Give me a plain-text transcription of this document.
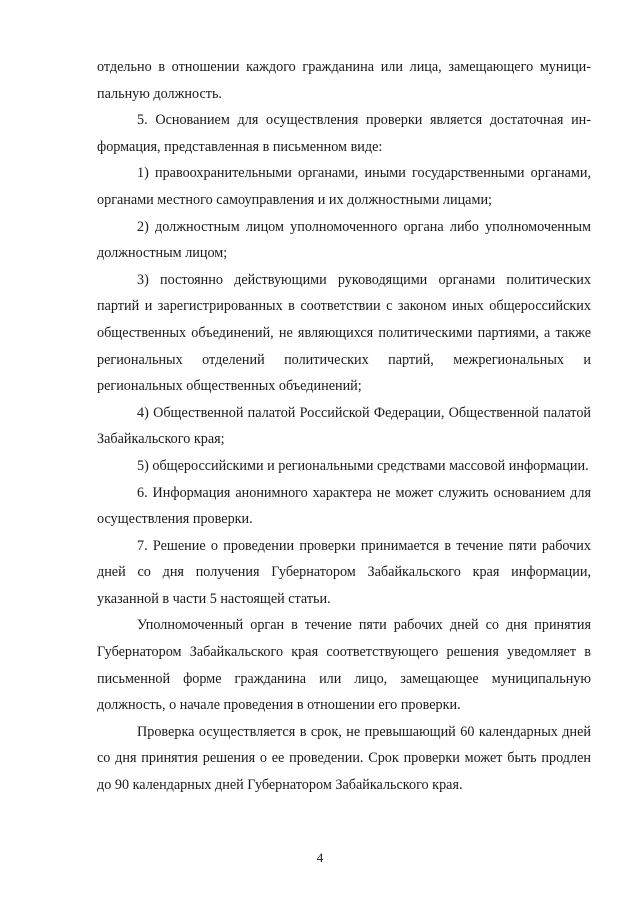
отдельно в отношении каждого гражданина или лица, замещающего муниципальную должность.

5. Основанием для осуществления проверки является достаточная информация, представленная в письменном виде:

1) правоохранительными органами, иными государственными органами, органами местного самоуправления и их должностными лицами;

2) должностным лицом уполномоченного органа либо уполномоченным должностным лицом;

3) постоянно действующими руководящими органами политических партий и зарегистрированных в соответствии с законом иных общероссийских общественных объединений, не являющихся политическими партиями, а также региональных отделений политических партий, межрегиональных и региональных общественных объединений;

4) Общественной палатой Российской Федерации, Общественной палатой Забайкальского края;

5) общероссийскими и региональными средствами массовой информации.

6. Информация анонимного характера не может служить основанием для осуществления проверки.

7. Решение о проведении проверки принимается в течение пяти рабочих дней со дня получения Губернатором Забайкальского края информации, указанной в части 5 настоящей статьи.

Уполномоченный орган в течение пяти рабочих дней со дня принятия Губернатором Забайкальского края соответствующего решения уведомляет в письменной форме гражданина или лицо, замещающее муниципальную должность, о начале проведения в отношении его проверки.

Проверка осуществляется в срок, не превышающий 60 календарных дней со дня принятия решения о ее проведении. Срок проверки может быть продлен до 90 календарных дней Губернатором Забайкальского края.

4
